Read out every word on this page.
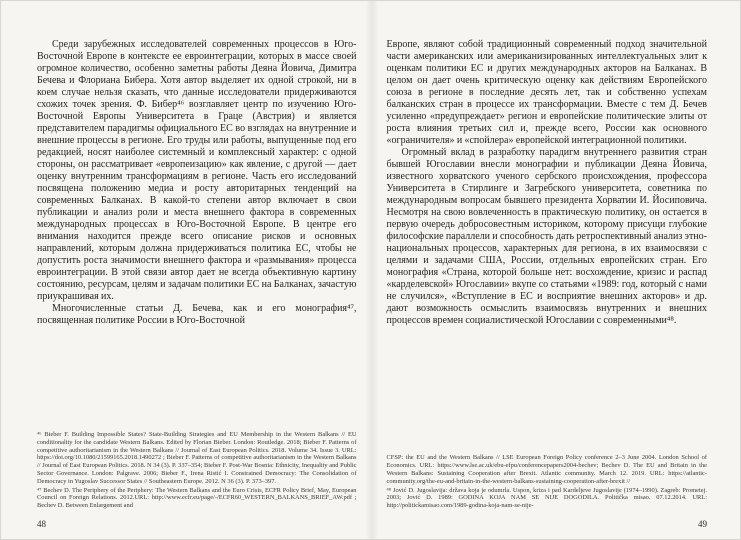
Среди зарубежных исследователей современных процессов в Юго-Восточной Европе в контексте ее евроинтеграции, которых в массе своей огромное количество, особенно заметны работы Деяна Йовича, Димитра Бечева и Флориана Бибера. Хотя автор выделяет их одной строкой, ни в коем случае нельзя сказать, что данные исследователи придерживаются схожих точек зрения. Ф. Бибер⁴⁶ возглавляет центр по изучению Юго-Восточной Европы Университета в Граце (Австрия) и является представителем парадигмы официального ЕС во взглядах на внутренние и внешние процессы в регионе. Его труды или работы, выпущенные под его редакцией, носят наиболее системный и комплексный характер: с одной стороны, он рассматривает «европеизацию» как явление, с другой — дает оценку внутренним трансформациям в регионе. Часть его исследований посвящена положению медиа и росту авторитарных тенденций на современных Балканах. В какой-то степени автор включает в свои публикации и анализ роли и места внешнего фактора в современных международных процессах в Юго-Восточной Европе. В центре его внимания находится прежде всего описание рисков и основных направлений, которым должна придерживаться политика ЕС, чтобы не допустить роста значимости внешнего фактора и «размывания» процесса евроинтеграции. В этой связи автор дает не всегда объективную картину состоянию, ресурсам, целям и задачам политики ЕС на Балканах, зачастую приукрашивая их.

Многочисленные статьи Д. Бечева, как и его монография⁴⁷, посвященная политике России в Юго-Восточной

⁴⁶ Bieber F. Building Impossible States? State-Building Strategies and EU Membership in the Western Balkans // EU conditionality for the candidate Western Balkans. Edited by Florian Bieber. London: Routledge. 2018; Bieber F. Patterns of competitive authoritarianism in the Western Balkans // Journal of East European Politics. 2018. Volume 34. Issue 3. URL: https://doi.org/10.1080/21599165.2018.1490272 ; Bieber F. Patterns of competitive authoritarianism in the Western Balkans // Journal of East European Politics. 2018. N 34 (3). P. 337–354; Bieber F. Post-War Bosnia: Ethnicity, Inequality and Public Sector Governance. London: Palgrave. 2006; Bieber F., Irena Ristić I. Constrained Democracy: The Consolidation of Democracy in Yugoslav Successor States // Southeastern Europe. 2012. N 36 (3). P. 373–397.

⁴⁷ Bechev D. The Periphery of the Periphery: The Western Balkans and the Euro Crisis, ECFR Policy Brief, May, European Council on Foreign Relations. 2012.URL: http://www.ecfr.eu/page/-/ECFR60_WESTERN_BALKANS_BRIEF_AW.pdf ; Bechev D. Between Enlargement and

48

Европе, являют собой традиционный современный подход значительной части американских или американизированных интеллектуальных элит к оценкам политики ЕС и других международных акторов на Балканах. В целом он дает очень критическую оценку как действиям Европейского союза в регионе в последние десять лет, так и собственно успехам балканских стран в процессе их трансформации. Вместе с тем Д. Бечев усиленно «предупреждает» регион и европейские политические элиты от роста влияния третьих сил и, прежде всего, России как основного «ограничителя» и «спойлера» европейской интеграционной политики.

Огромный вклад в разработку парадигм внутреннего развития стран бывшей Югославии внесли монографии и публикации Деяна Йовича, известного хорватского ученого сербского происхождения, профессора Университета в Стирлинге и Загребского университета, советника по международным вопросам бывшего президента Хорватии И. Йосиповича. Несмотря на свою вовлеченность в практическую политику, он остается в первую очередь добросовестным историком, которому присущи глубокие философские параллели и способность дать ретроспективный анализ этно-национальных процессов, характерных для региона, в их взаимосвязи с целями и задачами США, России, отдельных европейских стран. Его монография «Страна, которой больше нет: восхождение, кризис и распад «карделевской» Югославии» вкупе со статьями «1989: год, который с нами не случился», «Вступление в ЕС и восприятие внешних акторов» и др. дают возможность осмыслить взаимосвязь внутренних и внешних процессов времен социалистической Югославии с современными⁴⁸.

CFSP: the EU and the Western Balkans // LSE European Foreign Policy conference 2–3 June 2004. London School of Economics. URL: https://www.lse.ac.uk/ebu-efpu/conferencepapers2004-bechev; Bechev D. The EU and Britain in the Western Balkans: Sustaining Cooperation after Brexit. Atlantic community. March 12. 2019. URL: https://atlantic-community.org/the-eu-and-britain-in-the-western-balkans-sustaining-cooperation-after-brexit //

⁴⁸ Jović D. Jugoslavija: država koja je odumrla. Uspon, kriza i pad Kardeljeve Jugoslavije (1974–1990). Zagreb: Prometej. 2003; Jović D. 1989: GODINA KOJA NAM SE NIJE DOGODILA. Politička misao. 07.12.2014. URL: http://politickamisao.com/1989-godina-koja-nam-se-nije-

49
